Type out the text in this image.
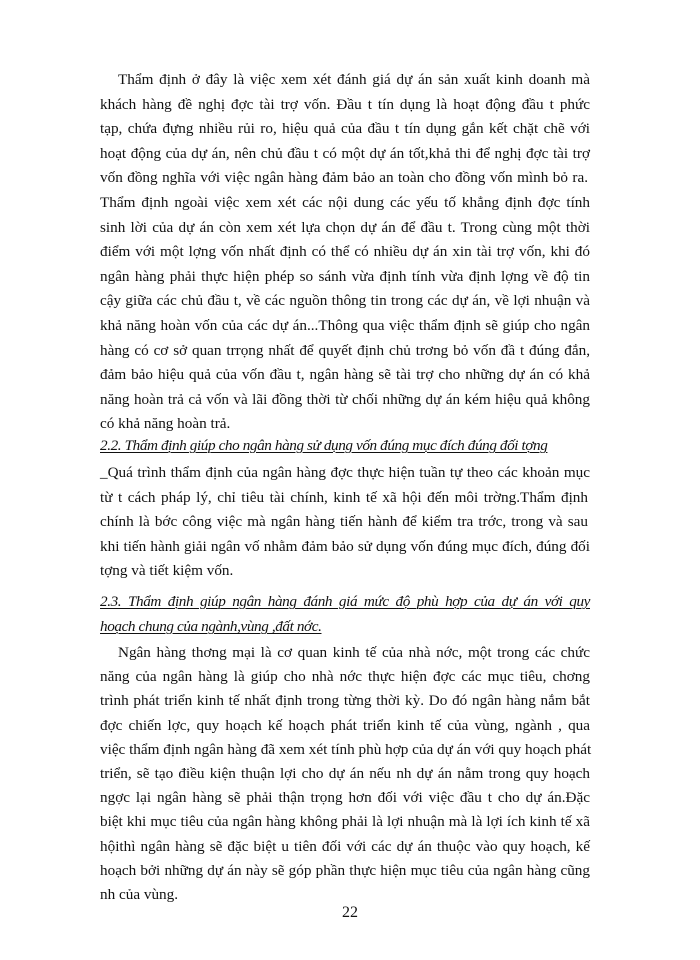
Thẩm định ở đây là việc xem xét đánh giá dự án sản xuất kinh doanh mà
khách hàng đề nghị đợc tài trợ vốn. Đầu t tín dụng là hoạt động đầu t phức
tạp, chứa đựng nhiều rủi ro, hiệu quả của đầu t tín dụng gắn kết chặt chẽ với
hoạt động của dự án, nên chủ đầu t có một dự án tốt,khả thi để nghị đợc tài trợ
vốn đồng nghĩa với việc ngân hàng đảm bảo an toàn cho đồng vốn mình bỏ ra.
Thẩm định ngoài việc xem xét các nội dung các yếu tố khẳng định đợc tính
sinh lời của dự án còn xem xét lựa chọn dự án để đầu t. Trong cùng một thời
điểm với một lợng vốn nhất định có thể có nhiều dự án xin tài trợ vốn, khi đó
ngân hàng phải thực hiện phép so sánh vừa định tính vừa định lợng về độ tin
cậy giữa các chủ đầu t, về các nguồn thông tin trong các dự án, về lợi nhuận và
khả năng hoàn vốn của các dự án...Thông qua việc thẩm định sẽ giúp cho ngân
hàng có cơ sở quan trrọng nhất để quyết định chủ trơng bỏ vốn đầ t đúng đắn,
đảm bảo hiệu quả của vốn đầu t, ngân hàng sẽ tài trợ cho những dự án có khả
năng hoàn trả cả vốn và lãi đồng thời từ chối những dự án kém hiệu quả không
có khả năng hoàn trả.
2.2. Thẩm định giúp cho ngân hàng sử dụng vốn đúng mục đích đúng đối tợng
_Quá trình thẩm định của ngân hàng đợc thực hiện tuần tự theo các khoản mục
từ t cách pháp lý, chỉ tiêu tài chính, kinh tế xã hội đến môi trờng.Thẩm định
chính là bớc công việc mà ngân hàng tiến hành để kiểm tra trớc, trong và sau
khi tiến hành giải ngân vố nhằm đảm bảo sử dụng vốn đúng mục đích, đúng đối
tợng và tiết kiệm vốn.
2.3. Thẩm định giúp ngân hàng đánh giá mức độ phù hợp của dự án với quy
hoạch chung của ngành,vùng ,đất nớc.
Ngân hàng thơng mại là cơ quan kinh tế của nhà nớc, một trong các chức
năng của ngân hàng là giúp cho nhà nớc thực hiện đợc các mục tiêu, chơng
trình phát triển kinh tế nhất định trong từng thời kỳ. Do đó ngân hàng nắm bắt
đợc chiến lợc, quy hoạch kế hoạch phát triển kinh tế của vùng, ngành , qua
việc thẩm định ngân hàng đã xem xét tính phù hợp của dự án với quy hoạch phát
triển, sẽ tạo điều kiện thuận lợi cho dự án nếu nh dự án nằm trong quy hoạch
ngợc lại ngân hàng sẽ phải thận trọng hơn đối với việc đầu t cho dự án.Đặc
biệt khi mục tiêu của ngân hàng không phải là lợi nhuận mà là lợi ích kinh tế xã
hộithì ngân hàng sẽ đặc biệt u tiên đối với các dự án thuộc vào quy hoạch, kế
hoạch bởi những dự án này sẽ góp phần thực hiện mục tiêu của ngân hàng cũng
nh của vùng.
22
